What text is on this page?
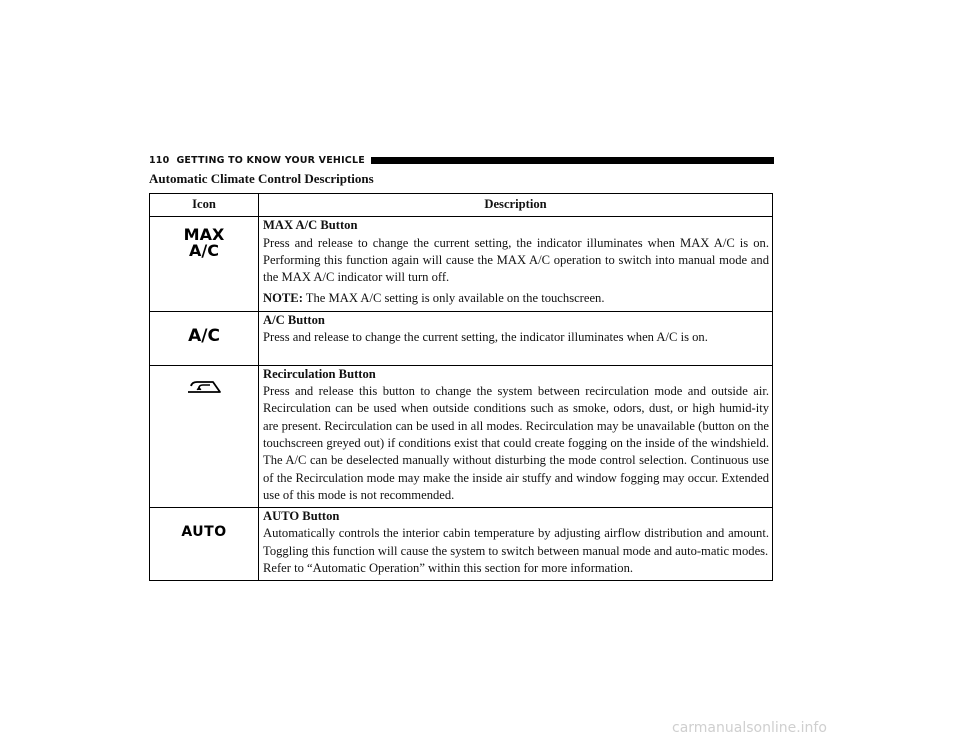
110 GETTING TO KNOW YOUR VEHICLE
Automatic Climate Control Descriptions
Icon	Description
MAX
A/C	MAX A/C Button
Press and release to change the current setting, the indicator illuminates when MAX A/C is on. Performing this function again will cause the MAX A/C operation to switch into manual mode and the MAX A/C indicator will turn off.
NOTE: The MAX A/C setting is only available on the touchscreen.

A/C	A/C Button
Press and release to change the current setting, the indicator illuminates when A/C is on.

Recirculation Button
Press and release this button to change the system between recirculation mode and outside air. Recirculation can be used when outside conditions such as smoke, odors, dust, or high humid-ity are present. Recirculation can be used in all modes. Recirculation may be unavailable (button on the touchscreen greyed out) if conditions exist that could create fogging on the inside of the windshield. The A/C can be deselected manually without disturbing the mode control selection. Continuous use of the Recirculation mode may make the inside air stuffy and window fogging may occur. Extended use of this mode is not recommended.
AUTO	AUTO Button
Automatically controls the interior cabin temperature by adjusting airflow distribution and amount. Toggling this function will cause the system to switch between manual mode and auto-matic modes.
Refer to “Automatic Operation” within this section for more information.
carmanualsonline.info
